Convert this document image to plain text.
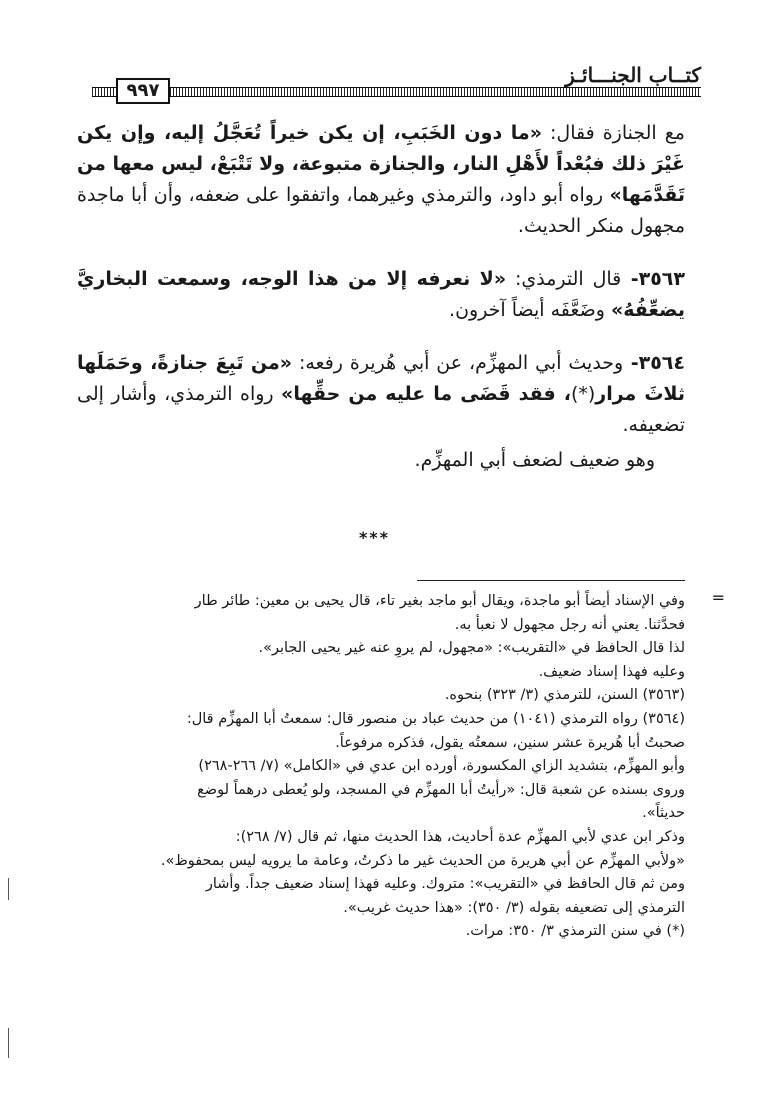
كتــاب الجنـــائـز
٩٩٧

مع الجنازة فقال: «ما دون الخَبَبِ، إن يكن خيراً تُعَجَّلُ إليه، وإن يكن غَيْرَ ذلك فبُعْداً لأَهْلِ النار، والجنازة متبوعة، ولا تَتْبَعْ، ليس معها من تَقَدَّمَها» رواه أبو داود، والترمذي وغيرهما، واتفقوا على ضعفه، وأن أبا ماجدة مجهول منكر الحديث.

٣٥٦٣- قال الترمذي: «لا نعرفه إلا من هذا الوجه، وسمعت البخاريَّ يضعِّفُهُ» وضَعَّفَه أيضاً آخرون.

٣٥٦٤- وحديث أبي المهزِّم، عن أبي هُريرة رفعه: «من تَبِعَ جنازةً، وحَمَلَها ثلاثَ مرار(*)، فقد قَضَى ما عليه من حقِّها» رواه الترمذي، وأشار إلى تضعيفه.

وهو ضعيف لضعف أبي المهزِّم.

***
=

وفي الإسناد أيضاً أبو ماجدة، ويقال أبو ماجد بغير تاء، قال يحيى بن معين: طائر طار

فحدَّثنا. يعني أنه رجل مجهول لا نعبأ به.

لذا قال الحافظ في «التقريب»: «مجهول، لم يروِ عنه غير يحيى الجابر».

وعليه فهذا إسناد ضعيف.

(٣٥٦٣) السنن، للترمذي (٣/ ٣٢٣) بنحوه.

(٣٥٦٤) رواه الترمذي (١٠٤١) من حديث عباد بن منصور قال: سمعتُ أبا المهزِّم قال:

صحبتُ أبا هُريرة عشر سنين، سمعتُه يقول، فذكره مرفوعاً.

وأبو المهزِّم، بتشديد الزاي المكسورة، أورده ابن عدي في «الكامل» (٧/ ٢٦٦-٢٦٨)

وروى بسنده عن شعبة قال: «رأيتُ أبا المهزِّم في المسجد، ولو يُعطى درهماً لوضع

حديثاً».

وذكر ابن عدي لأبي المهزِّم عدة أحاديث، هذا الحديث منها، ثم قال (٧/ ٢٦٨):

«ولأبي المهزِّم عن أبي هريرة من الحديث غير ما ذكرتُ، وعامة ما يرويه ليس بمحفوظ».

ومن ثم قال الحافظ في «التقريب»: متروك. وعليه فهذا إسناد ضعيف جداً. وأشار

الترمذي إلى تضعيفه بقوله (٣/ ٣٥٠): «هذا حديث غريب».

(*) في سنن الترمذي ٣/ ٣٥٠: مرات.
